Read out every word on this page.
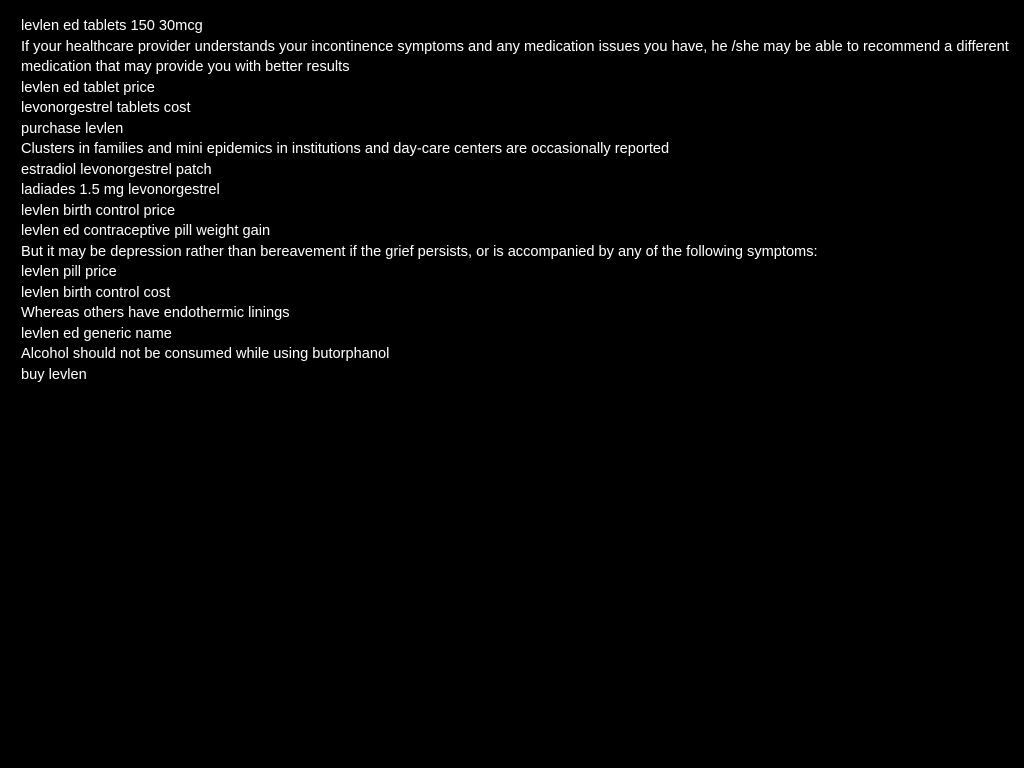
levlen ed tablets 150 30mcg
If your healthcare provider understands your incontinence symptoms and any medication issues you have, he /she may be able to recommend a different medication that may provide you with better results
levlen ed tablet price
levonorgestrel tablets cost
purchase levlen
Clusters in families and mini epidemics in institutions and day-care centers are occasionally reported
estradiol levonorgestrel patch
ladiades 1.5 mg levonorgestrel
levlen birth control price
levlen ed contraceptive pill weight gain
But it may be depression rather than bereavement if the grief persists, or is accompanied by any of the following symptoms:
levlen pill price
levlen birth control cost
Whereas others have endothermic linings
levlen ed generic name
Alcohol should not be consumed while using butorphanol
buy levlen
